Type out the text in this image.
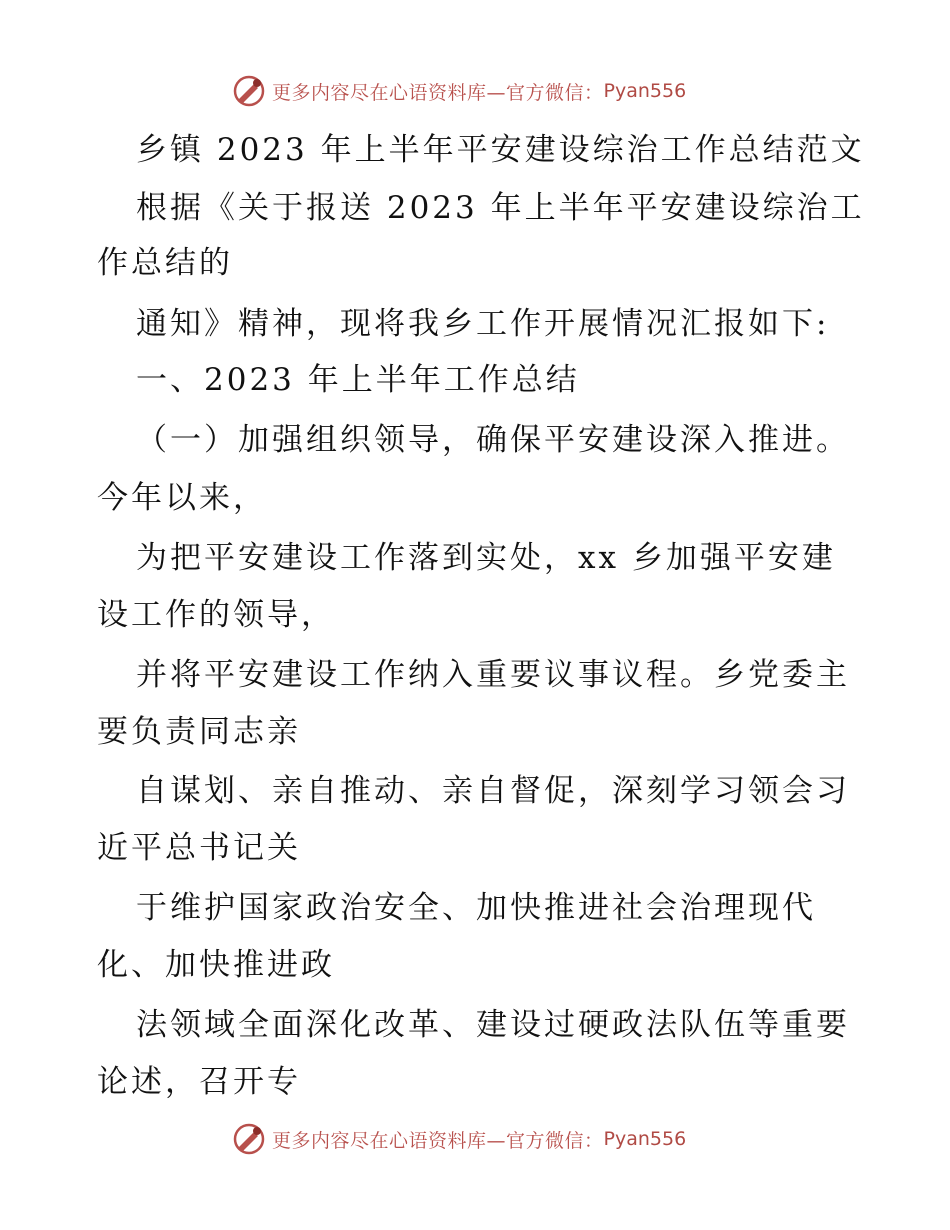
更多内容尽在心语资料库—官方微信： Pyan556
乡镇 2023 年上半年平安建设综治工作总结范文
根据《关于报送 2023 年上半年平安建设综治工
作总结的
通知》精神，现将我乡工作开展情况汇报如下:
一、2023 年上半年工作总结
（一）加强组织领导，确保平安建设深入推进。
今年以来，
为把平安建设工作落到实处，xx 乡加强平安建
设工作的领导，
并将平安建设工作纳入重要议事议程。乡党委主
要负责同志亲
自谋划、亲自推动、亲自督促，深刻学习领会习
近平总书记关
于维护国家政治安全、加快推进社会治理现代
化、加快推进政
法领域全面深化改革、建设过硬政法队伍等重要
论述，召开专
更多内容尽在心语资料库—官方微信： Pyan556
